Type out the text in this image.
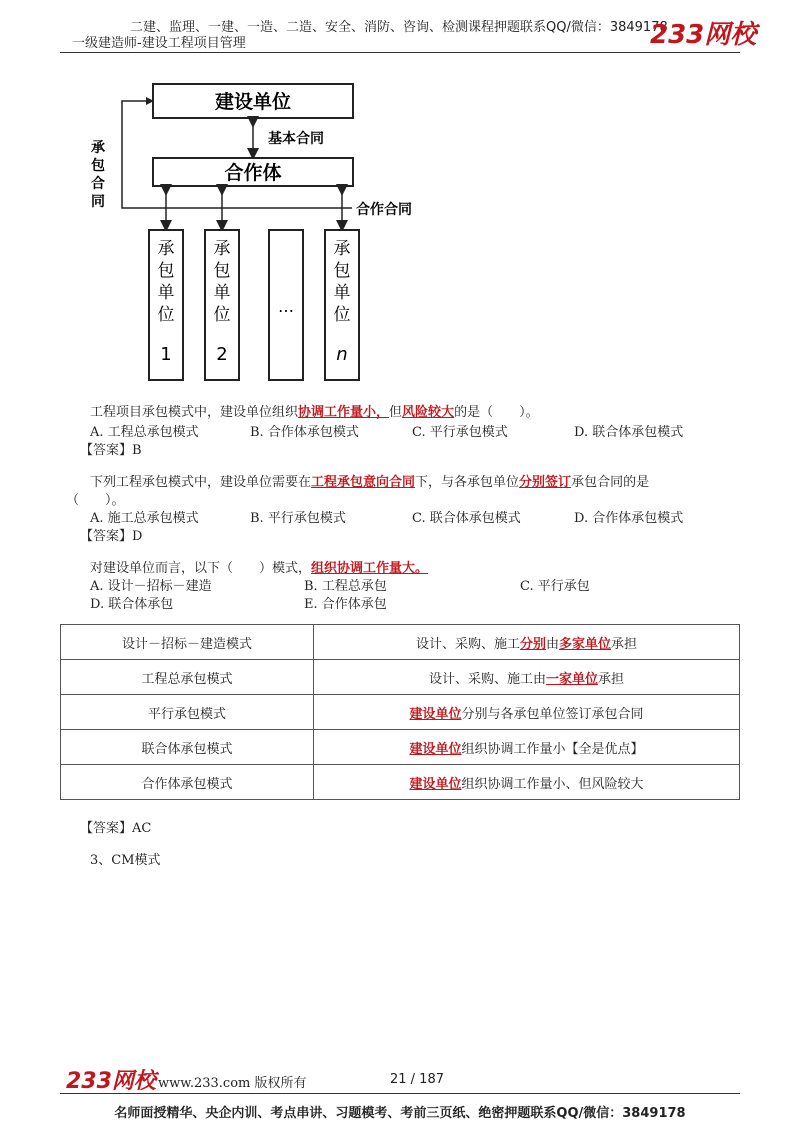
二建、监理、一建、一造、二造、安全、消防、咨询、检测课程押题联系QQ/微信：3849178
一级建造师-建设工程项目管理	233网校
建设单位
基本合同
合作体
承
包
合
同	合作合同
承
包
单
位
1
承
包
单
位
2
…
承
包
单
位
n
工程项目承包模式中，建设单位组织协调工作量小，但风险较大的是（　　）。
A. 工程总承包模式	B. 合作体承包模式	C. 平行承包模式	D. 联合体承包模式
【答案】B
下列工程承包模式中，建设单位需要在工程承包意向合同下，与各承包单位分别签订承包合同的是
（　　）。
A. 施工总承包模式	B. 平行承包模式	C. 联合体承包模式	D. 合作体承包模式
【答案】D
对建设单位而言，以下（　　）模式，组织协调工作量大。
A. 设计－招标－建造	B. 工程总承包	C. 平行承包
D. 联合体承包	E. 合作体承包
设计－招标－建造模式	设计、采购、施工分别由多家单位承担
工程总承包模式	设计、采购、施工由一家单位承担
平行承包模式	建设单位分别与各承包单位签订承包合同
联合体承包模式	建设单位组织协调工作量小【全是优点】
合作体承包模式	建设单位组织协调工作量小、但风险较大
【答案】AC
3、CM模式
233网校 www.233.com 版权所有	21 / 187
名师面授精华、央企内训、考点串讲、习题模考、考前三页纸、绝密押题联系QQ/微信：3849178
